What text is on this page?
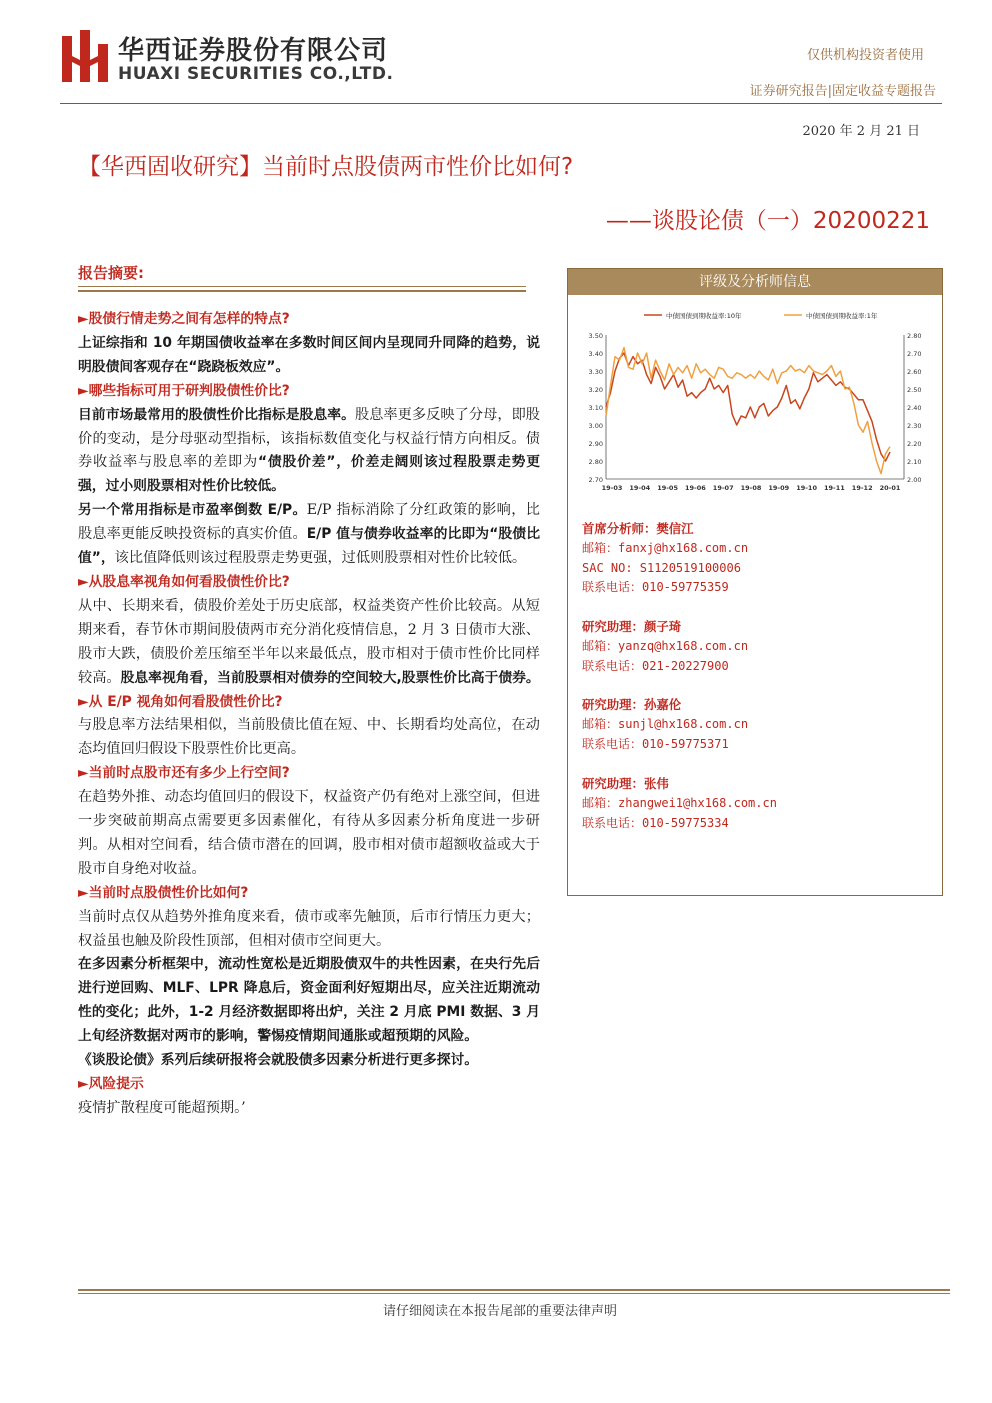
华西证券股份有限公司
HUAXI SECURITIES CO.,LTD.
仅供机构投资者使用
证券研究报告|固定收益专题报告
2020 年 2 月 21 日
【华西固收研究】当前时点股债两市性价比如何?
——谈股论债（一）20200221
报告摘要:

►股债行情走势之间有怎样的特点?

上证综指和 10 年期国债收益率在多数时间区间内呈现同升同降的趋势，说明股债间客观存在“跷跷板效应”。

►哪些指标可用于研判股债性价比?

目前市场最常用的股债性价比指标是股息率。股息率更多反映了分母，即股价的变动，是分母驱动型指标，该指标数值变化与权益行情方向相反。债券收益率与股息率的差即为“债股价差”，价差走阔则该过程股票走势更强，过小则股票相对性价比较低。

另一个常用指标是市盈率倒数 E/P。E/P 指标消除了分红政策的影响，比股息率更能反映投资标的真实价值。E/P 值与债券收益率的比即为“股债比值”，该比值降低则该过程股票走势更强，过低则股票相对性价比较低。

►从股息率视角如何看股债性价比?

从中、长期来看，债股价差处于历史底部，权益类资产性价比较高。从短期来看，春节休市期间股债两市充分消化疫情信息，2 月 3 日债市大涨、股市大跌，债股价差压缩至半年以来最低点，股市相对于债市性价比同样较高。股息率视角看，当前股票相对债券的空间较大,股票性价比高于债券。

►从 E/P 视角如何看股债性价比?

与股息率方法结果相似，当前股债比值在短、中、长期看均处高位，在动态均值回归假设下股票性价比更高。

►当前时点股市还有多少上行空间?

在趋势外推、动态均值回归的假设下，权益资产仍有绝对上涨空间，但进一步突破前期高点需要更多因素催化，有待从多因素分析角度进一步研判。从相对空间看，结合债市潜在的回调，股市相对债市超额收益或大于股市自身绝对收益。

►当前时点股债性价比如何?

当前时点仅从趋势外推角度来看，债市或率先触顶，后市行情压力更大；权益虽也触及阶段性顶部，但相对债市空间更大。

在多因素分析框架中，流动性宽松是近期股债双牛的共性因素，在央行先后进行逆回购、MLF、LPR 降息后，资金面利好短期出尽，应关注近期流动性的变化；此外，1-2 月经济数据即将出炉，关注 2 月底 PMI 数据、3 月上旬经济数据对两市的影响，警惕疫情期间通胀或超预期的风险。

《谈股论债》系列后续研报将会就股债多因素分析进行更多探讨。

►风险提示

疫情扩散程度可能超预期。’

评级及分析师信息
3.50
3.40
3.30
3.20
3.10
3.00
2.90
2.80
2.70
2.80
2.70
2.60
2.50
2.40
2.30
2.20
2.10
2.00
19-03 19-04 19-05 19-06 19-07 19-08 19-09 19-10 19-11 19-12 20-01
中债国债到期收益率:10年	中债国债到期收益率:1年
首席分析师：樊信江
邮箱：fanxj@hx168.com.cn
SAC NO: S1120519100006
联系电话：010-59775359
研究助理：颜子琦
邮箱：yanzq@hx168.com.cn
联系电话：021-20227900
研究助理：孙嘉伦
邮箱：sunjl@hx168.com.cn
联系电话：010-59775371
研究助理：张伟
邮箱：zhangwei1@hx168.com.cn
联系电话：010-59775334
请仔细阅读在本报告尾部的重要法律声明
